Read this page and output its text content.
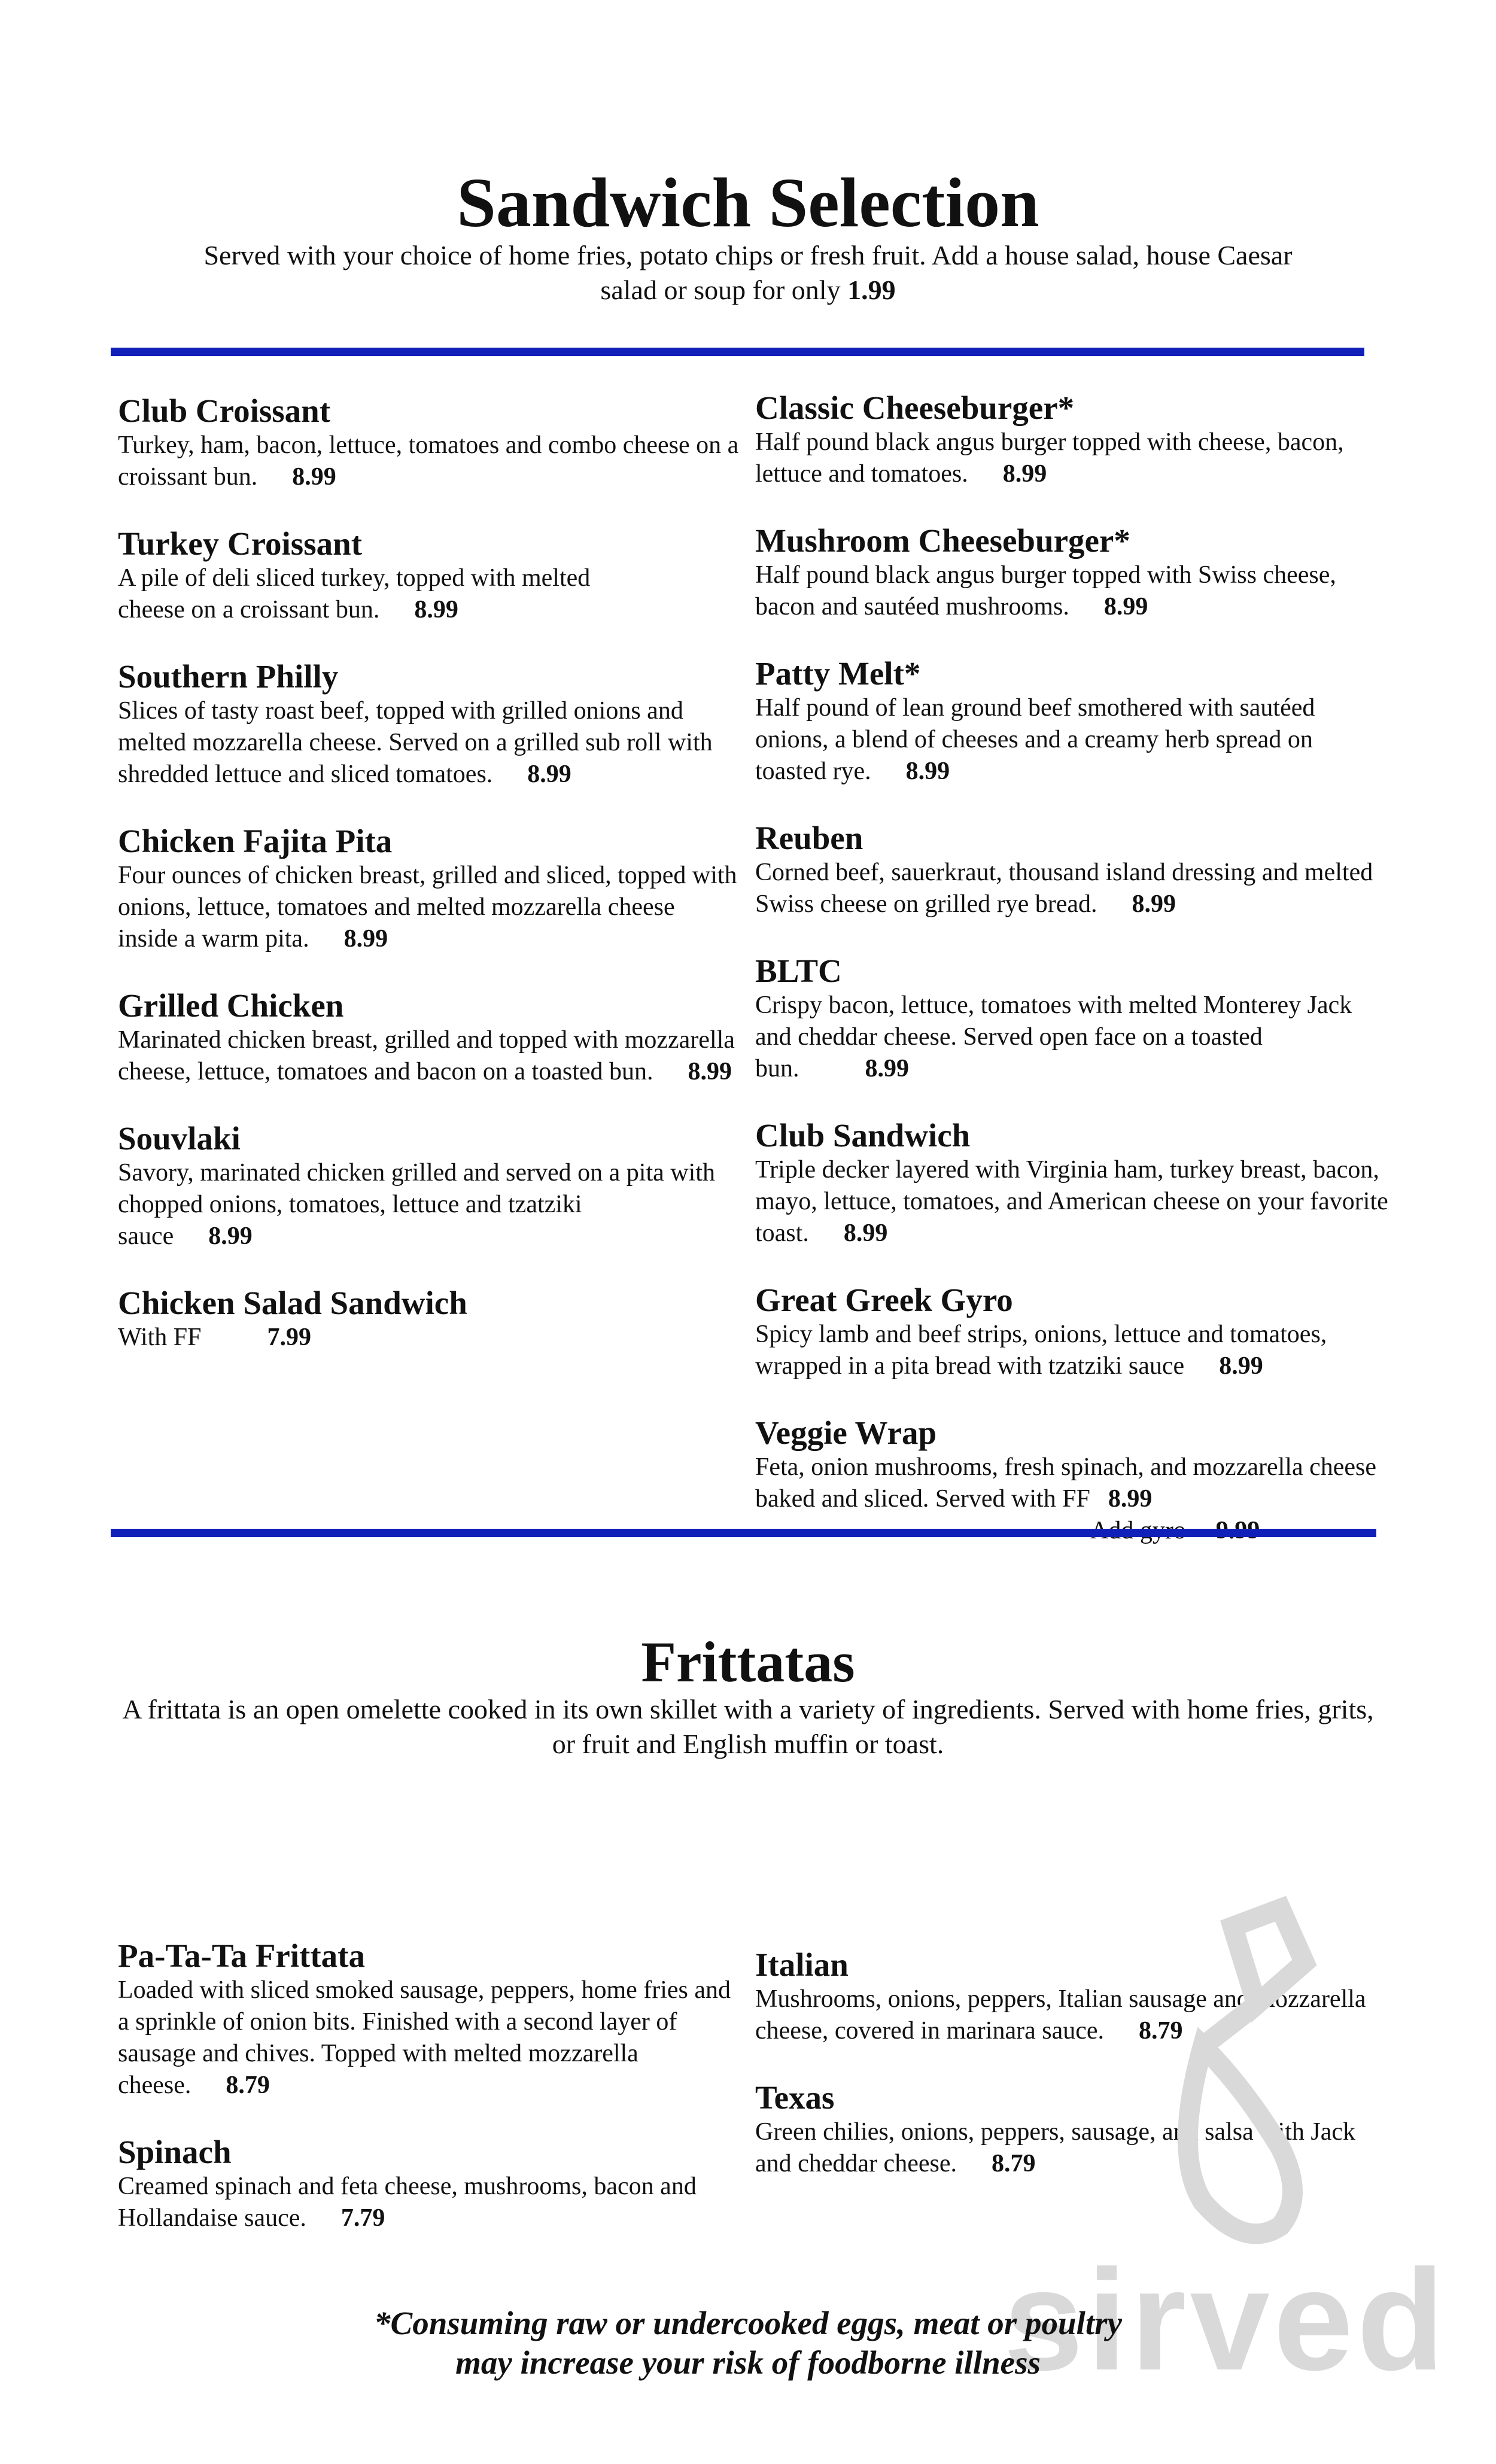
Sandwich Selection

Served with your choice of home fries, potato chips or fresh fruit. Add a house salad, house Caesar salad or soup for only 1.99

Club Croissant

Turkey, ham, bacon, lettuce, tomatoes and combo cheese on a croissant bun. 8.99

Turkey Croissant

A pile of deli sliced turkey, topped with melted cheese on a croissant bun. 8.99

Southern Philly

Slices of tasty roast beef, topped with grilled onions and melted mozzarella cheese. Served on a grilled sub roll with shredded lettuce and sliced tomatoes. 8.99

Chicken Fajita Pita

Four ounces of chicken breast, grilled and sliced, topped with onions, lettuce, tomatoes and melted mozzarella cheese inside a warm pita. 8.99

Grilled Chicken

Marinated chicken breast, grilled and topped with mozzarella cheese, lettuce, tomatoes and bacon on a toasted bun. 8.99

Souvlaki

Savory, marinated chicken grilled and served on a pita with chopped onions, tomatoes, lettuce and tzatziki sauce 8.99

Chicken Salad Sandwich

With FF	7.99

Classic Cheeseburger*

Half pound black angus burger topped with cheese, bacon, lettuce and tomatoes. 8.99

Mushroom Cheeseburger*

Half pound black angus burger topped with Swiss cheese, bacon and sautéed mushrooms. 8.99

Patty Melt*

Half pound of lean ground beef smothered with sautéed onions, a blend of cheeses and a creamy herb spread on toasted rye. 8.99

Reuben

Corned beef, sauerkraut, thousand island dressing and melted Swiss cheese on grilled rye bread. 8.99

BLTC

Crispy bacon, lettuce, tomatoes with melted Monterey Jack and cheddar cheese. Served open face on a toasted bun.	8.99

Club Sandwich

Triple decker layered with Virginia ham, turkey breast, bacon, mayo, lettuce, tomatoes, and American cheese on your favorite toast. 8.99

Great Greek Gyro

Spicy lamb and beef strips, onions, lettuce and tomatoes, wrapped in a pita bread with tzatziki sauce 8.99

Veggie Wrap

Feta, onion mushrooms, fresh spinach, and mozzarella cheese baked and sliced. Served with FF 8.99

Frittatas

A frittata is an open omelette cooked in its own skillet with a variety of ingredients. Served with home fries, grits, or fruit and English muffin or toast.

Pa-Ta-Ta Frittata

Loaded with sliced smoked sausage, peppers, home fries and a sprinkle of onion bits. Finished with a second layer of sausage and chives. Topped with melted mozzarella cheese. 8.79

Spinach

Creamed spinach and feta cheese, mushrooms, bacon and Hollandaise sauce. 7.79

Italian

Mushrooms, onions, peppers, Italian sausage and mozzarella cheese, covered in marinara sauce. 8.79

Texas

Green chilies, onions, peppers, sausage, and salsa with Jack and cheddar cheese. 8.79

sirved

*Consuming raw or undercooked eggs, meat or poultry
may increase your risk of foodborne illness
